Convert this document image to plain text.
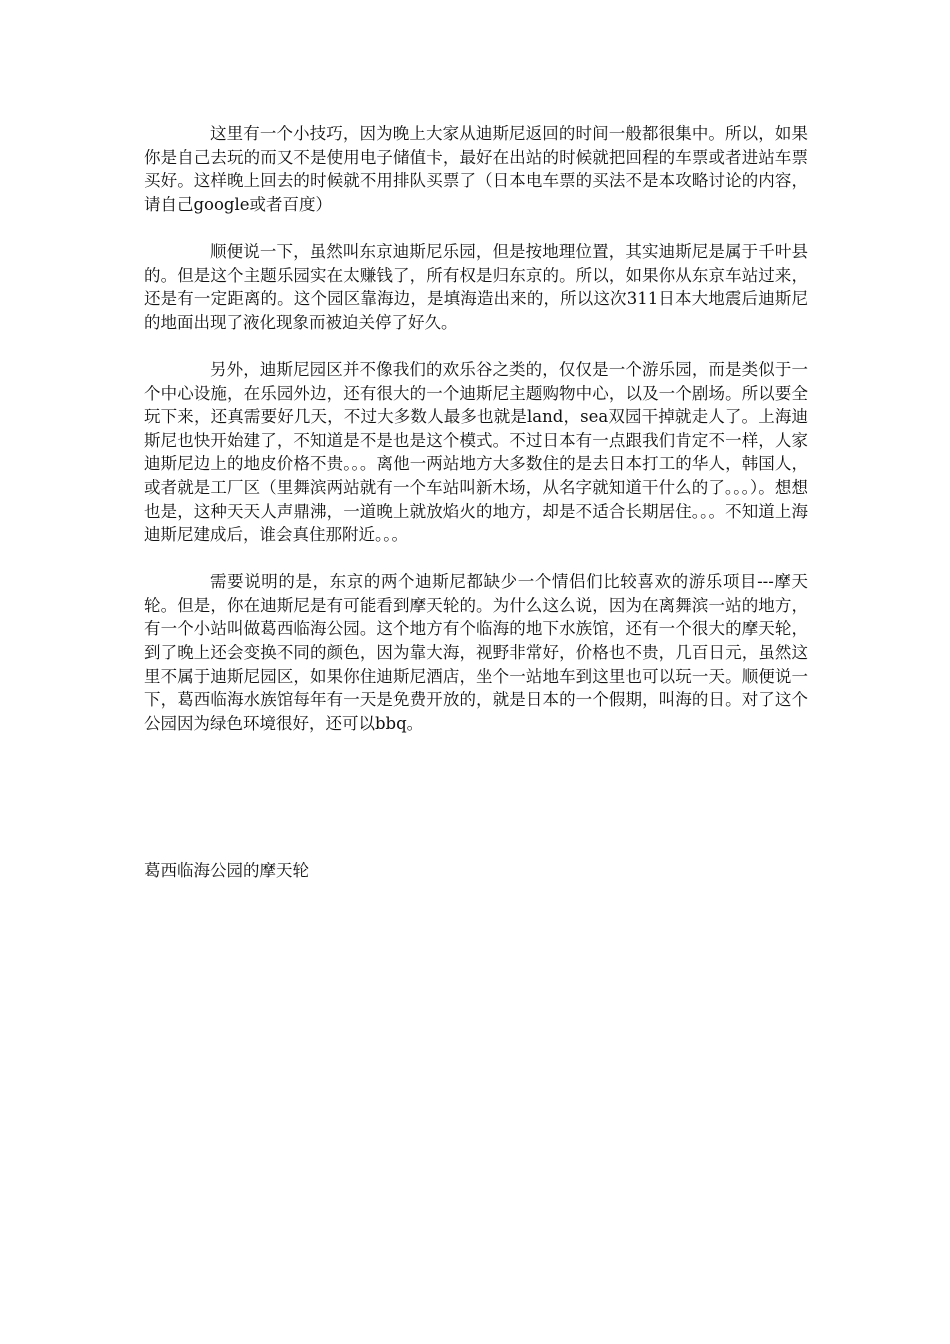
这里有一个小技巧，因为晚上大家从迪斯尼返回的时间一般都很集中。所以，如果你是自己去玩的而又不是使用电子储值卡，最好在出站的时候就把回程的车票或者进站车票买好。这样晚上回去的时候就不用排队买票了（日本电车票的买法不是本攻略讨论的内容，请自己google或者百度）

顺便说一下，虽然叫东京迪斯尼乐园，但是按地理位置，其实迪斯尼是属于千叶县的。但是这个主题乐园实在太赚钱了，所有权是归东京的。所以，如果你从东京车站过来，还是有一定距离的。这个园区靠海边，是填海造出来的，所以这次311日本大地震后迪斯尼的地面出现了液化现象而被迫关停了好久。

另外，迪斯尼园区并不像我们的欢乐谷之类的，仅仅是一个游乐园，而是类似于一个中心设施，在乐园外边，还有很大的一个迪斯尼主题购物中心，以及一个剧场。所以要全玩下来，还真需要好几天，不过大多数人最多也就是land，sea双园干掉就走人了。上海迪斯尼也快开始建了，不知道是不是也是这个模式。不过日本有一点跟我们肯定不一样，人家迪斯尼边上的地皮价格不贵。。。离他一两站地方大多数住的是去日本打工的华人，韩国人，或者就是工厂区（里舞滨两站就有一个车站叫新木场，从名字就知道干什么的了。。。）。想想也是，这种天天人声鼎沸，一道晚上就放焰火的地方，却是不适合长期居住。。。不知道上海迪斯尼建成后，谁会真住那附近。。。

需要说明的是，东京的两个迪斯尼都缺少一个情侣们比较喜欢的游乐项目---摩天轮。但是，你在迪斯尼是有可能看到摩天轮的。为什么这么说，因为在离舞滨一站的地方，有一个小站叫做葛西临海公园。这个地方有个临海的地下水族馆，还有一个很大的摩天轮，到了晚上还会变换不同的颜色，因为靠大海，视野非常好，价格也不贵，几百日元，虽然这里不属于迪斯尼园区，如果你住迪斯尼酒店，坐个一站地车到这里也可以玩一天。顺便说一下，葛西临海水族馆每年有一天是免费开放的，就是日本的一个假期，叫海的日。对了这个公园因为绿色环境很好，还可以bbq。

葛西临海公园的摩天轮
